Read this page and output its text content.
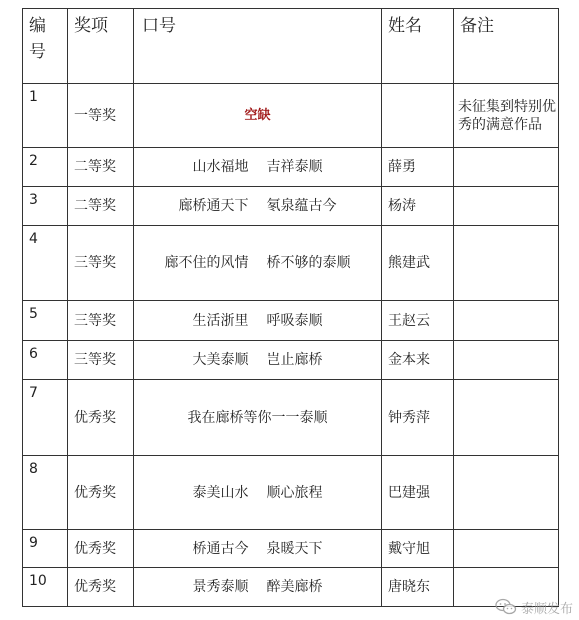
编
号	奖项	口号	姓名	备注
1	一等奖	空缺		未征集到特别优秀的满意作品
2	二等奖	山水福地 吉祥泰顺	薛勇	
3	二等奖	廊桥通天下 氡泉蕴古今	杨涛	
4	三等奖	廊不住的风情 桥不够的泰顺	熊建武	
5	三等奖	生活浙里 呼吸泰顺	王赵云	
6	三等奖	大美泰顺 岂止廊桥	金本来	
7	优秀奖	我在廊桥等你一一泰顺	钟秀萍	
8	优秀奖	泰美山水 顺心旅程	巴建强	
9	优秀奖	桥通古今 泉暖天下	戴守旭	
10	优秀奖	景秀泰顺 醉美廊桥	唐晓东	
泰顺发布
